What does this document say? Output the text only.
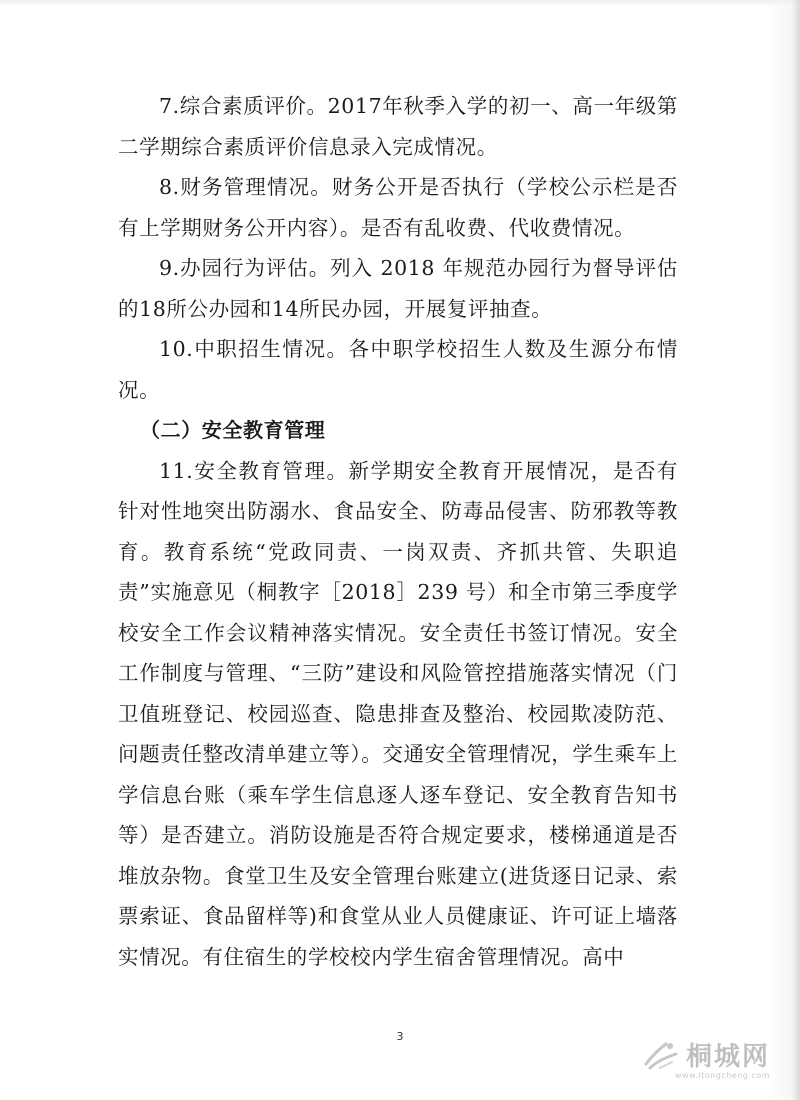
7.综合素质评价。2017年秋季入学的初一、高一年级第二学期综合素质评价信息录入完成情况。

8.财务管理情况。财务公开是否执行（学校公示栏是否有上学期财务公开内容）。是否有乱收费、代收费情况。

9.办园行为评估。列入 2018 年规范办园行为督导评估的18所公办园和14所民办园，开展复评抽查。

10.中职招生情况。各中职学校招生人数及生源分布情况。

（二）安全教育管理

11.安全教育管理。新学期安全教育开展情况，是否有针对性地突出防溺水、食品安全、防毒品侵害、防邪教等教育。教育系统“党政同责、一岗双责、齐抓共管、失职追责”实施意见（桐教字［2018］239 号）和全市第三季度学校安全工作会议精神落实情况。安全责任书签订情况。安全工作制度与管理、“三防”建设和风险管控措施落实情况（门卫值班登记、校园巡查、隐患排查及整治、校园欺凌防范、问题责任整改清单建立等）。交通安全管理情况，学生乘车上学信息台账（乘车学生信息逐人逐车登记、安全教育告知书等）是否建立。消防设施是否符合规定要求，楼梯通道是否堆放杂物。食堂卫生及安全管理台账建立(进货逐日记录、索票索证、食品留样等)和食堂从业人员健康证、许可证上墙落实情况。有住宿生的学校校内学生宿舍管理情况。高中

3
桐城网
www.itongcheng.com
